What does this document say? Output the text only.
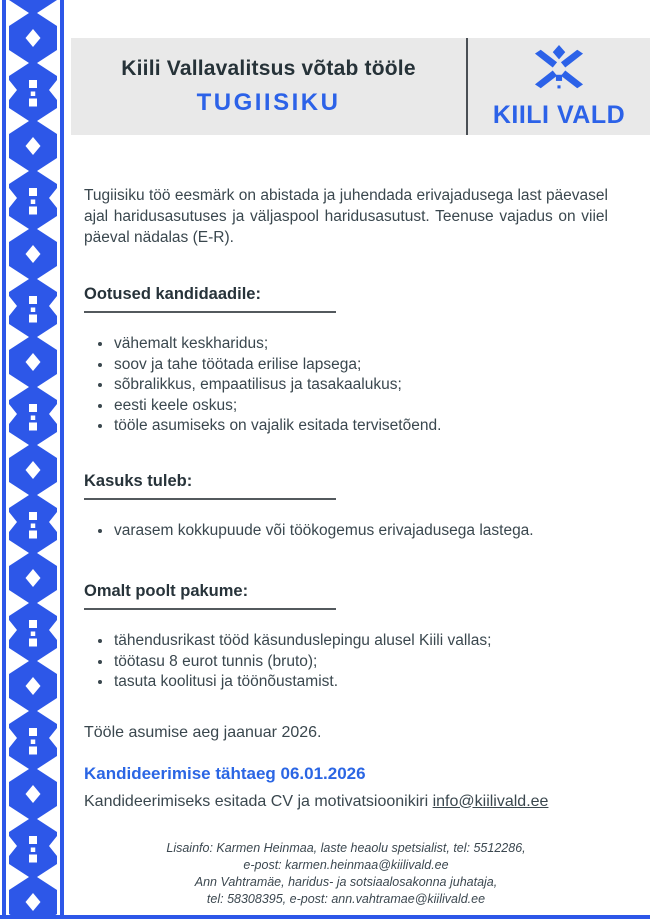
Kiili Vallavalitsus võtab tööle
TUGIISIKU	KIILI VALD

Tugiisiku töö eesmärk on abistada ja juhendada erivajadusega last päevasel ajal haridusasutuses ja väljaspool haridusasutust. Teenuse vajadus on viiel päeval nädalas (E-R).

Ootused kandidaadile:
• vähemalt keskharidus;
• soov ja tahe töötada erilise lapsega;
• sõbralikkus, empaatilisus ja tasakaalukus;
• eesti keele oskus;
• tööle asumiseks on vajalik esitada tervisetõend.
Kasuks tuleb:
• varasem kokkupuude või töökogemus erivajadusega lastega.
Omalt poolt pakume:
• tähendusrikast tööd käsunduslepingu alusel Kiili vallas;
• töötasu 8 eurot tunnis (bruto);
• tasuta koolitusi ja töönõustamist.

Tööle asumise aeg jaanuar 2026.

Kandideerimise tähtaeg 06.01.2026

Kandideerimiseks esitada CV ja motivatsioonikiri info@kiilivald.ee

Lisainfo: Karmen Heinmaa, laste heaolu spetsialist, tel: 5512286,
e-post: karmen.heinmaa@kiilivald.ee
Ann Vahtramäe, haridus- ja sotsiaalosakonna juhataja,
tel: 58308395, e-post: ann.vahtramae@kiilivald.ee
